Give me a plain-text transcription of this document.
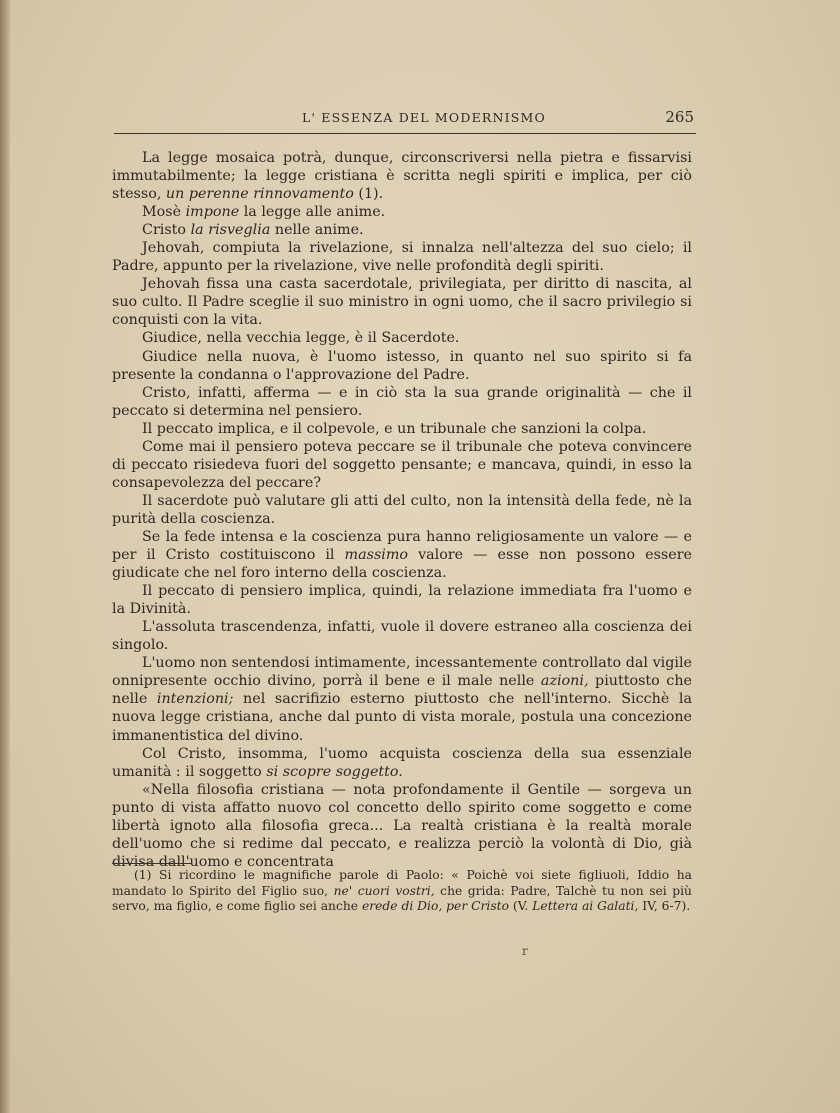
L' ESSENZA DEL MODERNISMO	265

La legge mosaica potrà, dunque, circonscriversi nella pietra e fissarvisi immutabilmente; la legge cristiana è scritta negli spiriti e implica, per ciò stesso, un perenne rinnovamento (1).

Mosè impone la legge alle anime.

Cristo la risveglia nelle anime.

Jehovah, compiuta la rivelazione, si innalza nell'altezza del suo cielo; il Padre, appunto per la rivelazione, vive nelle profondità degli spiriti.

Jehovah fissa una casta sacerdotale, privilegiata, per diritto di nascita, al suo culto. Il Padre sceglie il suo ministro in ogni uomo, che il sacro privilegio si conquisti con la vita.

Giudice, nella vecchia legge, è il Sacerdote.

Giudice nella nuova, è l'uomo istesso, in quanto nel suo spirito si fa presente la condanna o l'approvazione del Padre.

Cristo, infatti, afferma — e in ciò sta la sua grande originalità — che il peccato si determina nel pensiero.

Il peccato implica, e il colpevole, e un tribunale che sanzioni la colpa.

Come mai il pensiero poteva peccare se il tribunale che poteva convincere di peccato risiedeva fuori del soggetto pensante; e mancava, quindi, in esso la consapevolezza del peccare?

Il sacerdote può valutare gli atti del culto, non la intensità della fede, nè la purità della coscienza.

Se la fede intensa e la coscienza pura hanno religiosamente un valore — e per il Cristo costituiscono il massimo valore — esse non possono essere giudicate che nel foro interno della coscienza.

Il peccato di pensiero implica, quindi, la relazione immediata fra l'uomo e la Divinità.

L'assoluta trascendenza, infatti, vuole il dovere estraneo alla coscienza dei singolo.

L'uomo non sentendosi intimamente, incessantemente controllato dal vigile onnipresente occhio divino, porrà il bene e il male nelle azioni, piuttosto che nelle intenzioni; nel sacrifizio esterno piuttosto che nell'interno. Sicchè la nuova legge cristiana, anche dal punto di vista morale, postula una concezione immanentistica del divino.

Col Cristo, insomma, l'uomo acquista coscienza della sua essenziale umanità : il soggetto si scopre soggetto.

«Nella filosofia cristiana — nota profondamente il Gentile — sorgeva un punto di vista affatto nuovo col concetto dello spirito come soggetto e come libertà ignoto alla filosofia greca... La realtà cristiana è la realtà morale dell'uomo che si redime dal peccato, e realizza perciò la volontà di Dio, già divisa dall'uomo e concentrata

(1) Si ricordino le magnifiche parole di Paolo: « Poichè voi siete figliuoli, Iddio ha mandato lo Spirito del Figlio suo, ne' cuori vostri, che grida: Padre, Talchè tu non sei più servo, ma figlio, e come figlio sei anche erede di Dio, per Cristo (V. Lettera ai Galati, IV, 6-7).

r
